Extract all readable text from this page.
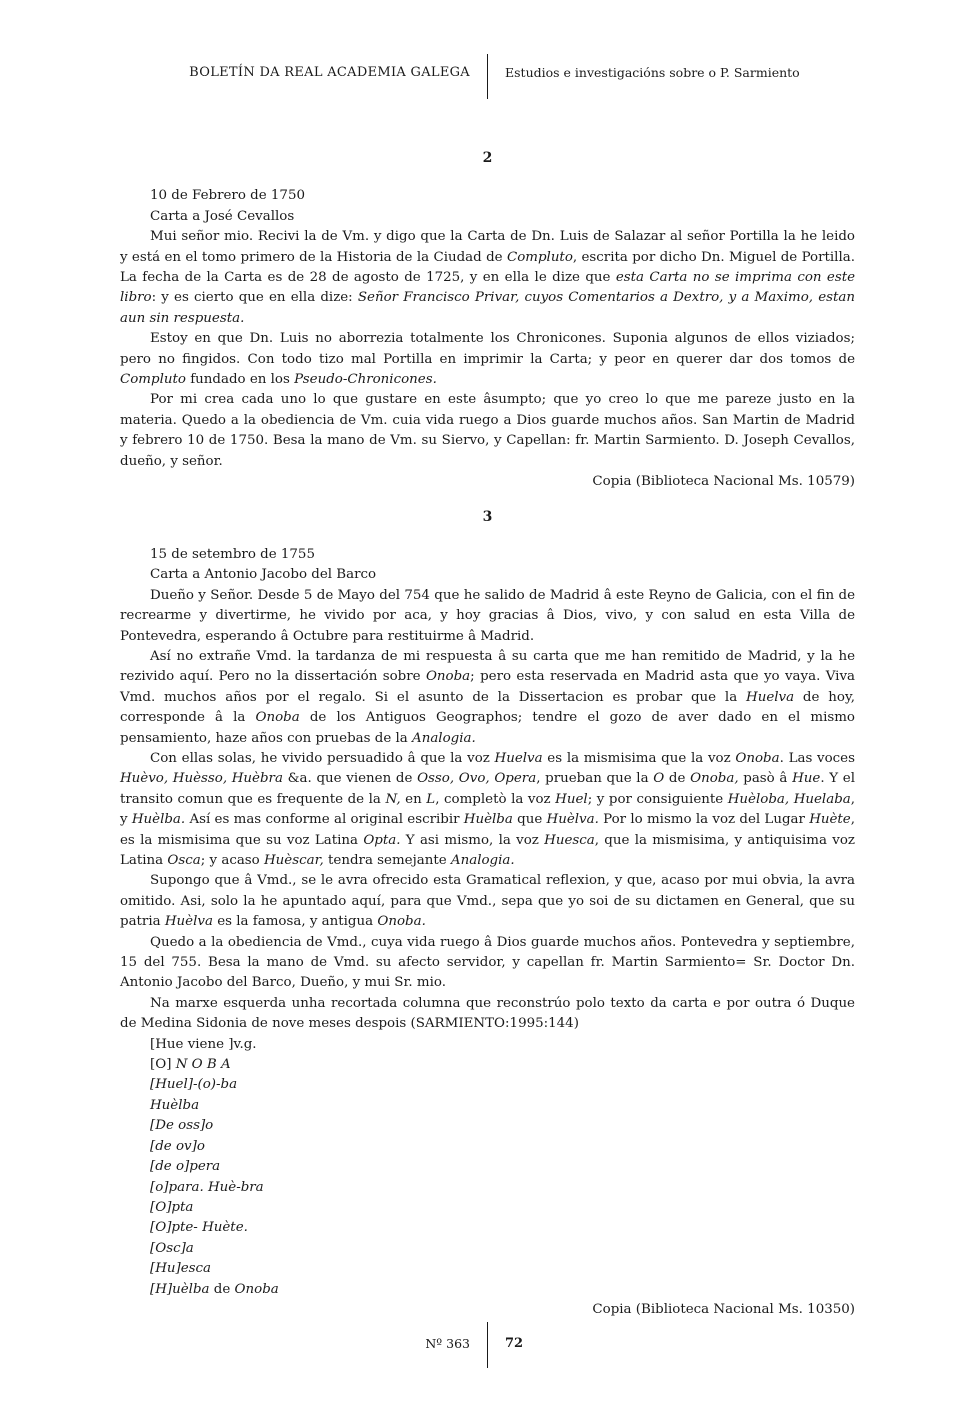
BOLETÍN DA REAL ACADEMIA GALEGA	Estudios e investigacións sobre o P. Sarmiento
2
10 de Febrero de 1750
Carta a José Cevallos

Mui señor mio. Recivi la de Vm. y digo que la Carta de Dn. Luis de Salazar al señor Portilla la he leido y está en el tomo primero de la Historia de la Ciudad de Compluto, escrita por dicho Dn. Miguel de Portilla. La fecha de la Carta es de 28 de agosto de 1725, y en ella le dize que esta Carta no se imprima con este libro: y es cierto que en ella dize: Señor Francisco Privar, cuyos Comentarios a Dextro, y a Maximo, estan aun sin respuesta.

Estoy en que Dn. Luis no aborrezia totalmente los Chronicones. Suponia algunos de ellos viziados; pero no fingidos. Con todo tizo mal Portilla en imprimir la Carta; y peor en querer dar dos tomos de Compluto fundado en los Pseudo-Chronicones.

Por mi crea cada uno lo que gustare en este âsumpto; que yo creo lo que me pareze justo en la materia. Quedo a la obediencia de Vm. cuia vida ruego a Dios guarde muchos años. San Martin de Madrid y febrero 10 de 1750. Besa la mano de Vm. su Siervo, y Capellan: fr. Martin Sarmiento. D. Joseph Cevallos, dueño, y señor.

Copia (Biblioteca Nacional Ms. 10579)

3
15 de setembro de 1755
Carta a Antonio Jacobo del Barco

Dueño y Señor. Desde 5 de Mayo del 754 que he salido de Madrid â este Reyno de Galicia, con el fin de recrearme y divertirme, he vivido por aca, y hoy gracias â Dios, vivo, y con salud en esta Villa de Pontevedra, esperando â Octubre para restituirme â Madrid.

Así no extrañe Vmd. la tardanza de mi respuesta â su carta que me han remitido de Madrid, y la he rezivido aquí. Pero no la dissertación sobre Onoba; pero esta reservada en Madrid asta que yo vaya. Viva Vmd. muchos años por el regalo. Si el asunto de la Dissertacion es probar que la Huelva de hoy, corresponde â la Onoba de los Antiguos Geographos; tendre el gozo de aver dado en el mismo pensamiento, haze años con pruebas de la Analogia.

Con ellas solas, he vivido persuadido â que la voz Huelva es la mismisima que la voz Onoba. Las voces Huèvo, Huèsso, Huèbra &a. que vienen de Osso, Ovo, Opera, prueban que la O de Onoba, pasò â Hue. Y el transito comun que es frequente de la N, en L, completò la voz Huel; y por consiguiente Huèloba, Huelaba, y Huèlba. Así es mas conforme al original escribir Huèlba que Huèlva. Por lo mismo la voz del Lugar Huète, es la mismisima que su voz Latina Opta. Y asi mismo, la voz Huesca, que la mismisima, y antiquisima voz Latina Osca; y acaso Huèscar, tendra semejante Analogia.

Supongo que â Vmd., se le avra ofrecido esta Gramatical reflexion, y que, acaso por mui obvia, la avra omitido. Asi, solo la he apuntado aquí, para que Vmd., sepa que yo soi de su dictamen en General, que su patria Huèlva es la famosa, y antigua Onoba.

Quedo a la obediencia de Vmd., cuya vida ruego â Dios guarde muchos años. Pontevedra y septiembre, 15 del 755. Besa la mano de Vmd. su afecto servidor, y capellan fr. Martin Sarmiento= Sr. Doctor Dn. Antonio Jacobo del Barco, Dueño, y mui Sr. mio.

Na marxe esquerda unha recortada columna que reconstrúo polo texto da carta e por outra ó Duque de Medina Sidonia de nove meses despois (SARMIENTO:1995:144)

[Hue viene ]v.g.
[O] N O B A
[Huel]-(o)-ba
Huèlba
[De oss]o
[de ov]o
[de o]pera
[o]para. Huè-bra
[O]pta
[O]pte- Huète.
[Osc]a
[Hu]esca
[H]uèlba de Onoba

Copia (Biblioteca Nacional Ms. 10350)

Nº 363	72
